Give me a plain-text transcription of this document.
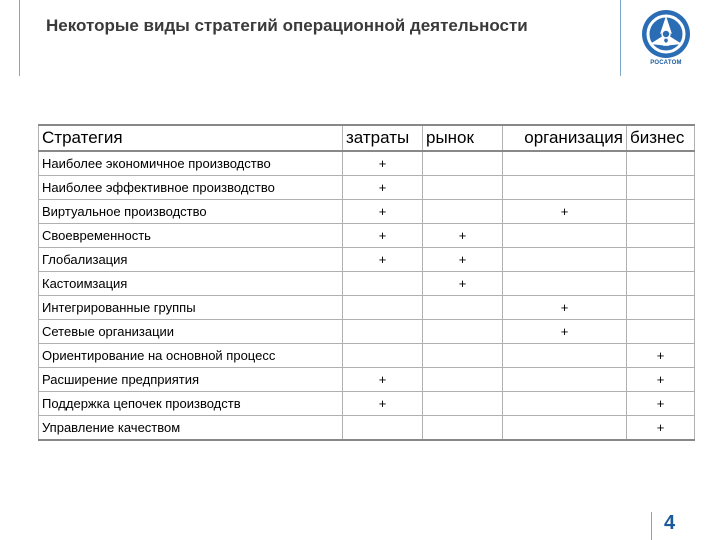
Некоторые виды стратегий операционной деятельности
РОСАТОМ
Стратегия	затраты	рынок	организация	бизнес
Наиболее экономичное производство	+			
Наиболее эффективное производство	+			
Виртуальное производство	+		+	
Своевременность	+	+		
Глобализация	+	+		
Кастоимзация		+		
Интегрированные группы			+	
Сетевые организации			+	
Ориентирование на основной процесс				+
Расширение предприятия	+			+
Поддержка цепочек производств	+			+
Управление качеством				+
4
